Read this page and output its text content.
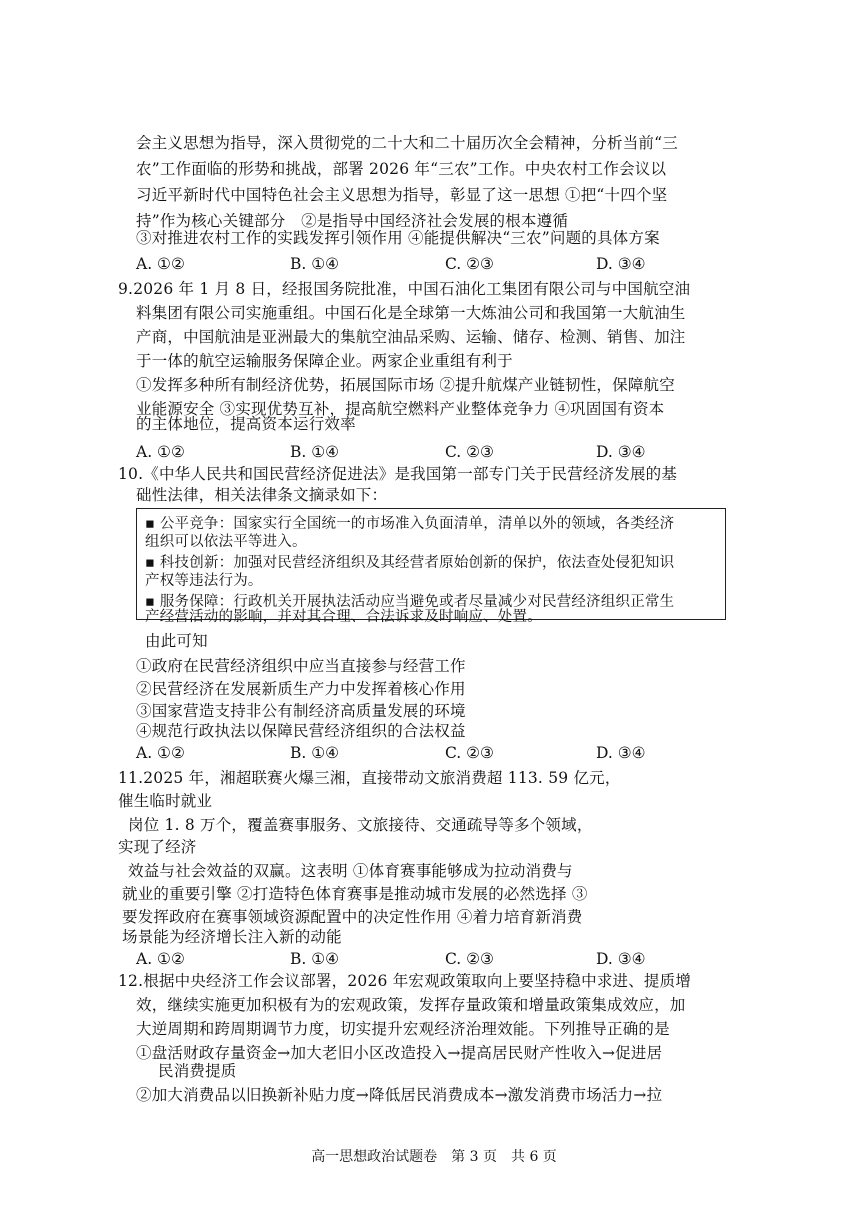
会主义思想为指导，深入贯彻党的二十大和二十届历次全会精神，分析当前“三
农”工作面临的形势和挑战，部署 2026 年“三农”工作。中央农村工作会议以
习近平新时代中国特色社会主义思想为指导，彰显了这一思想 ①把“十四个坚
持”作为核心关键部分　②是指导中国经济社会发展的根本遵循
③对推进农村工作的实践发挥引领作用 ④能提供解决“三农”问题的具体方案
A. ①②	B. ①④	C. ②③	D. ③④
9.2026 年 1 月 8 日，经报国务院批准，中国石油化工集团有限公司与中国航空油
料集团有限公司实施重组。中国石化是全球第一大炼油公司和我国第一大航油生
产商，中国航油是亚洲最大的集航空油品采购、运输、储存、检测、销售、加注
于一体的航空运输服务保障企业。两家企业重组有利于
①发挥多种所有制经济优势，拓展国际市场 ②提升航煤产业链韧性，保障航空
业能源安全 ③实现优势互补，提高航空燃料产业整体竞争力 ④巩固国有资本
的主体地位，提高资本运行效率
A. ①②	B. ①④	C. ②③	D. ③④
10.《中华人民共和国民营经济促进法》是我国第一部专门关于民营经济发展的基
础性法律，相关法律条文摘录如下：
▪ 公平竞争：国家实行全国统一的市场准入负面清单，清单以外的领域，各类经济
组织可以依法平等进入。
▪ 科技创新：加强对民营经济组织及其经营者原始创新的保护，依法查处侵犯知识
产权等违法行为。
▪ 服务保障：行政机关开展执法活动应当避免或者尽量减少对民营经济组织正常生
产经营活动的影响，并对其合理、合法诉求及时响应、处置。
由此可知
①政府在民营经济组织中应当直接参与经营工作
②民营经济在发展新质生产力中发挥着核心作用
③国家营造支持非公有制经济高质量发展的环境
④规范行政执法以保障民营经济组织的合法权益
A. ①②	B. ①④	C. ②③	D. ③④
11.2025 年，湘超联赛火爆三湘，直接带动文旅消费超 113. 59 亿元，
催生临时就业
岗位 1. 8 万个，覆盖赛事服务、文旅接待、交通疏导等多个领域，
实现了经济
效益与社会效益的双赢。这表明 ①体育赛事能够成为拉动消费与
就业的重要引擎 ②打造特色体育赛事是推动城市发展的必然选择 ③
要发挥政府在赛事领域资源配置中的决定性作用 ④着力培育新消费
场景能为经济增长注入新的动能
A. ①②	B. ①④	C. ②③	D. ③④
12.根据中央经济工作会议部署，2026 年宏观政策取向上要坚持稳中求进、提质增
效，继续实施更加积极有为的宏观政策，发挥存量政策和增量政策集成效应，加
大逆周期和跨周期调节力度，切实提升宏观经济治理效能。下列推导正确的是
①盘活财政存量资金→加大老旧小区改造投入→提高居民财产性收入→促进居
民消费提质
②加大消费品以旧换新补贴力度→降低居民消费成本→激发消费市场活力→拉
高一思想政治试题卷　第 3 页　共 6 页
